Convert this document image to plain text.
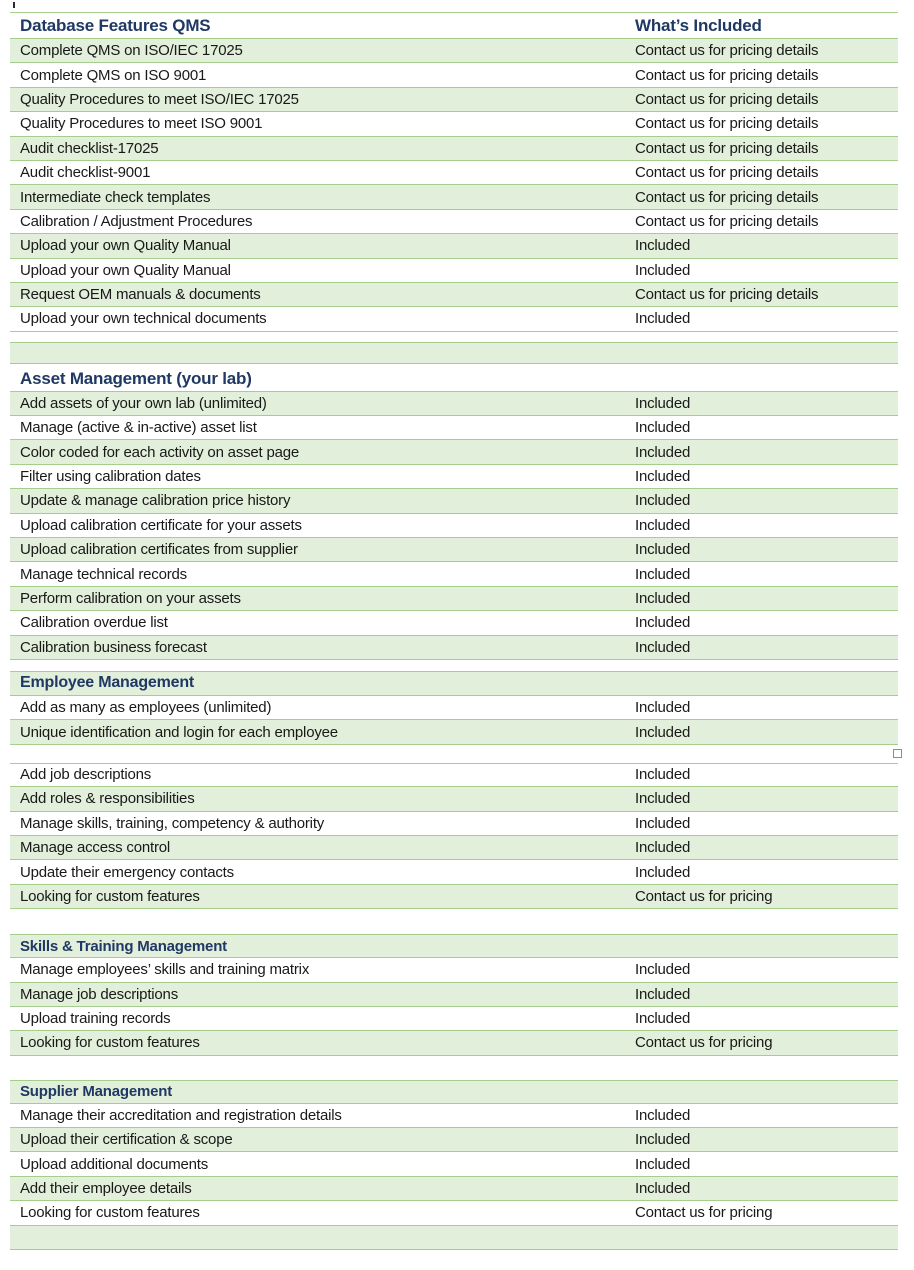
Database Features QMS	What’s Included
Complete QMS on ISO/IEC 17025	Contact us for pricing details
Complete QMS on ISO 9001	Contact us for pricing details
Quality Procedures to meet ISO/IEC 17025	Contact us for pricing details
Quality Procedures to meet ISO 9001	Contact us for pricing details
Audit checklist-17025	Contact us for pricing details
Audit checklist-9001	Contact us for pricing details
Intermediate check templates	Contact us for pricing details
Calibration / Adjustment Procedures	Contact us for pricing details
Upload your own Quality Manual	Included
Upload your own Quality Manual	Included
Request OEM manuals & documents	Contact us for pricing details
Upload your own technical documents	Included
Asset Management (your lab)
Add assets of your own lab (unlimited)	Included
Manage (active & in-active) asset list	Included
Color coded for each activity on asset page	Included
Filter using calibration dates	Included
Update & manage calibration price history	Included
Upload calibration certificate for your assets	Included
Upload calibration certificates from supplier	Included
Manage technical records	Included
Perform calibration on your assets	Included
Calibration overdue list	Included
Calibration business forecast	Included
Employee Management
Add as many as employees (unlimited)	Included
Unique identification and login for each employee	Included
Add job descriptions	Included
Add roles & responsibilities	Included
Manage skills, training, competency & authority	Included
Manage access control	Included
Update their emergency contacts	Included
Looking for custom features	Contact us for pricing
Skills & Training Management
Manage employees’ skills and training matrix	Included
Manage job descriptions	Included
Upload training records	Included
Looking for custom features	Contact us for pricing
Supplier Management
Manage their accreditation and registration details	Included
Upload their certification & scope	Included
Upload additional documents	Included
Add their employee details	Included
Looking for custom features	Contact us for pricing
